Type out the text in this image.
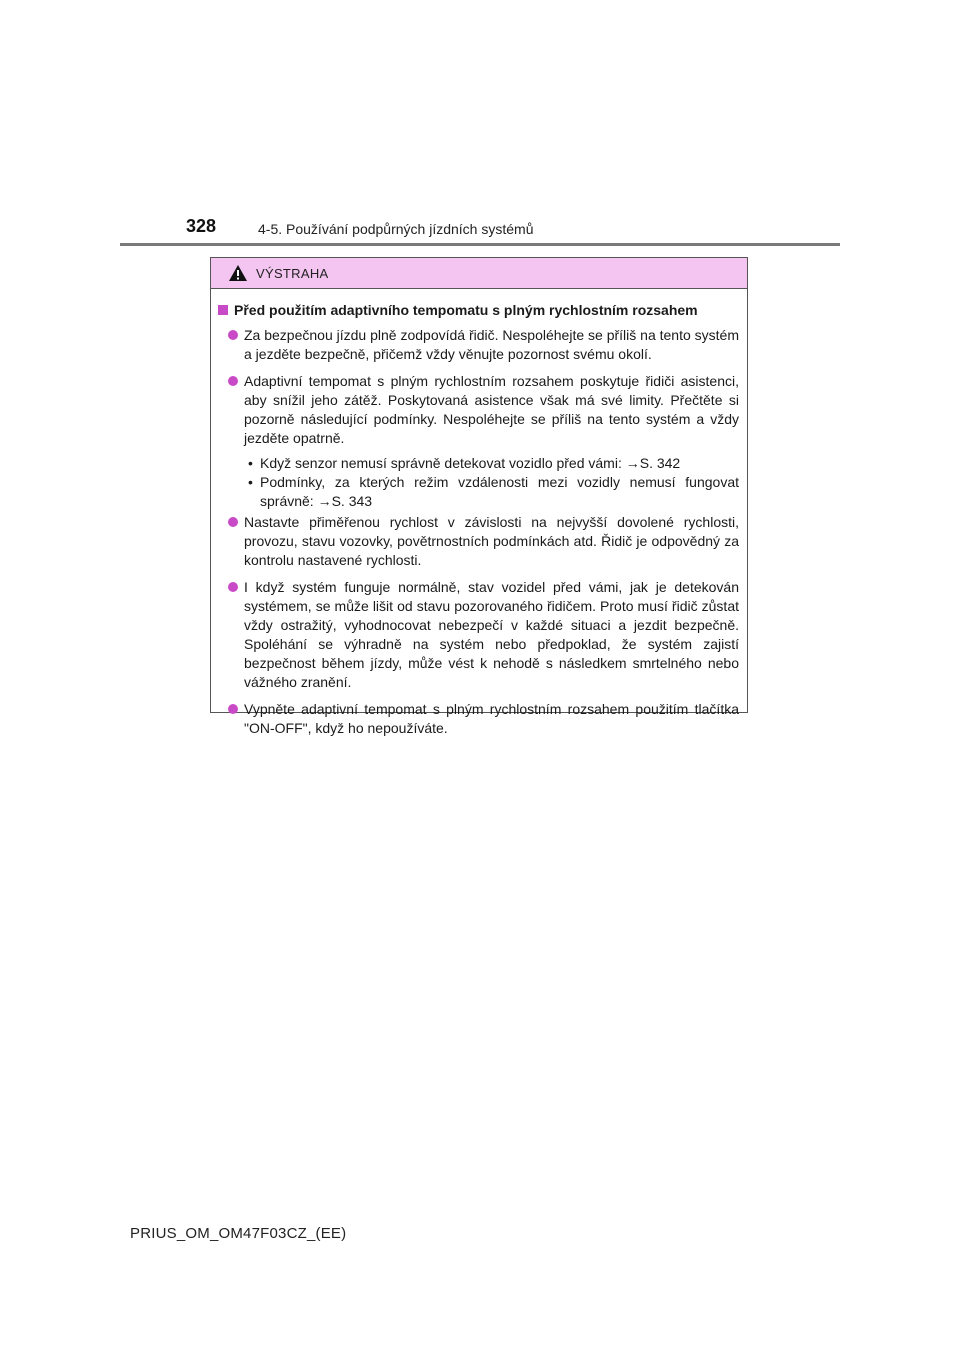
328	4-5. Používání podpůrných jízdních systémů
VÝSTRAHA
Před použitím adaptivního tempomatu s plným rychlostním rozsahem
Za bezpečnou jízdu plně zodpovídá řidič. Nespoléhejte se příliš na tento systém a jezděte bezpečně, přičemž vždy věnujte pozornost svému okolí.
Adaptivní tempomat s plným rychlostním rozsahem poskytuje řidiči asistenci, aby snížil jeho zátěž. Poskytovaná asistence však má své limity. Přečtěte si pozorně následující podmínky. Nespoléhejte se příliš na tento systém a vždy jezděte opatrně.
• Když senzor nemusí správně detekovat vozidlo před vámi: →S. 342
• Podmínky, za kterých režim vzdálenosti mezi vozidly nemusí fungovat správně: →S. 343
Nastavte přiměřenou rychlost v závislosti na nejvyšší dovolené rychlosti, provozu, stavu vozovky, povětrnostních podmínkách atd. Řidič je odpovědný za kontrolu nastavené rychlosti.
I když systém funguje normálně, stav vozidel před vámi, jak je detekován systémem, se může lišit od stavu pozorovaného řidičem. Proto musí řidič zůstat vždy ostražitý, vyhodnocovat nebezpečí v každé situaci a jezdit bezpečně. Spoléhání se výhradně na systém nebo předpoklad, že systém zajistí bezpečnost během jízdy, může vést k nehodě s následkem smrtelného nebo vážného zranění.
Vypněte adaptivní tempomat s plným rychlostním rozsahem použitím tlačítka "ON-OFF", když ho nepoužíváte.
PRIUS_OM_OM47F03CZ_(EE)
